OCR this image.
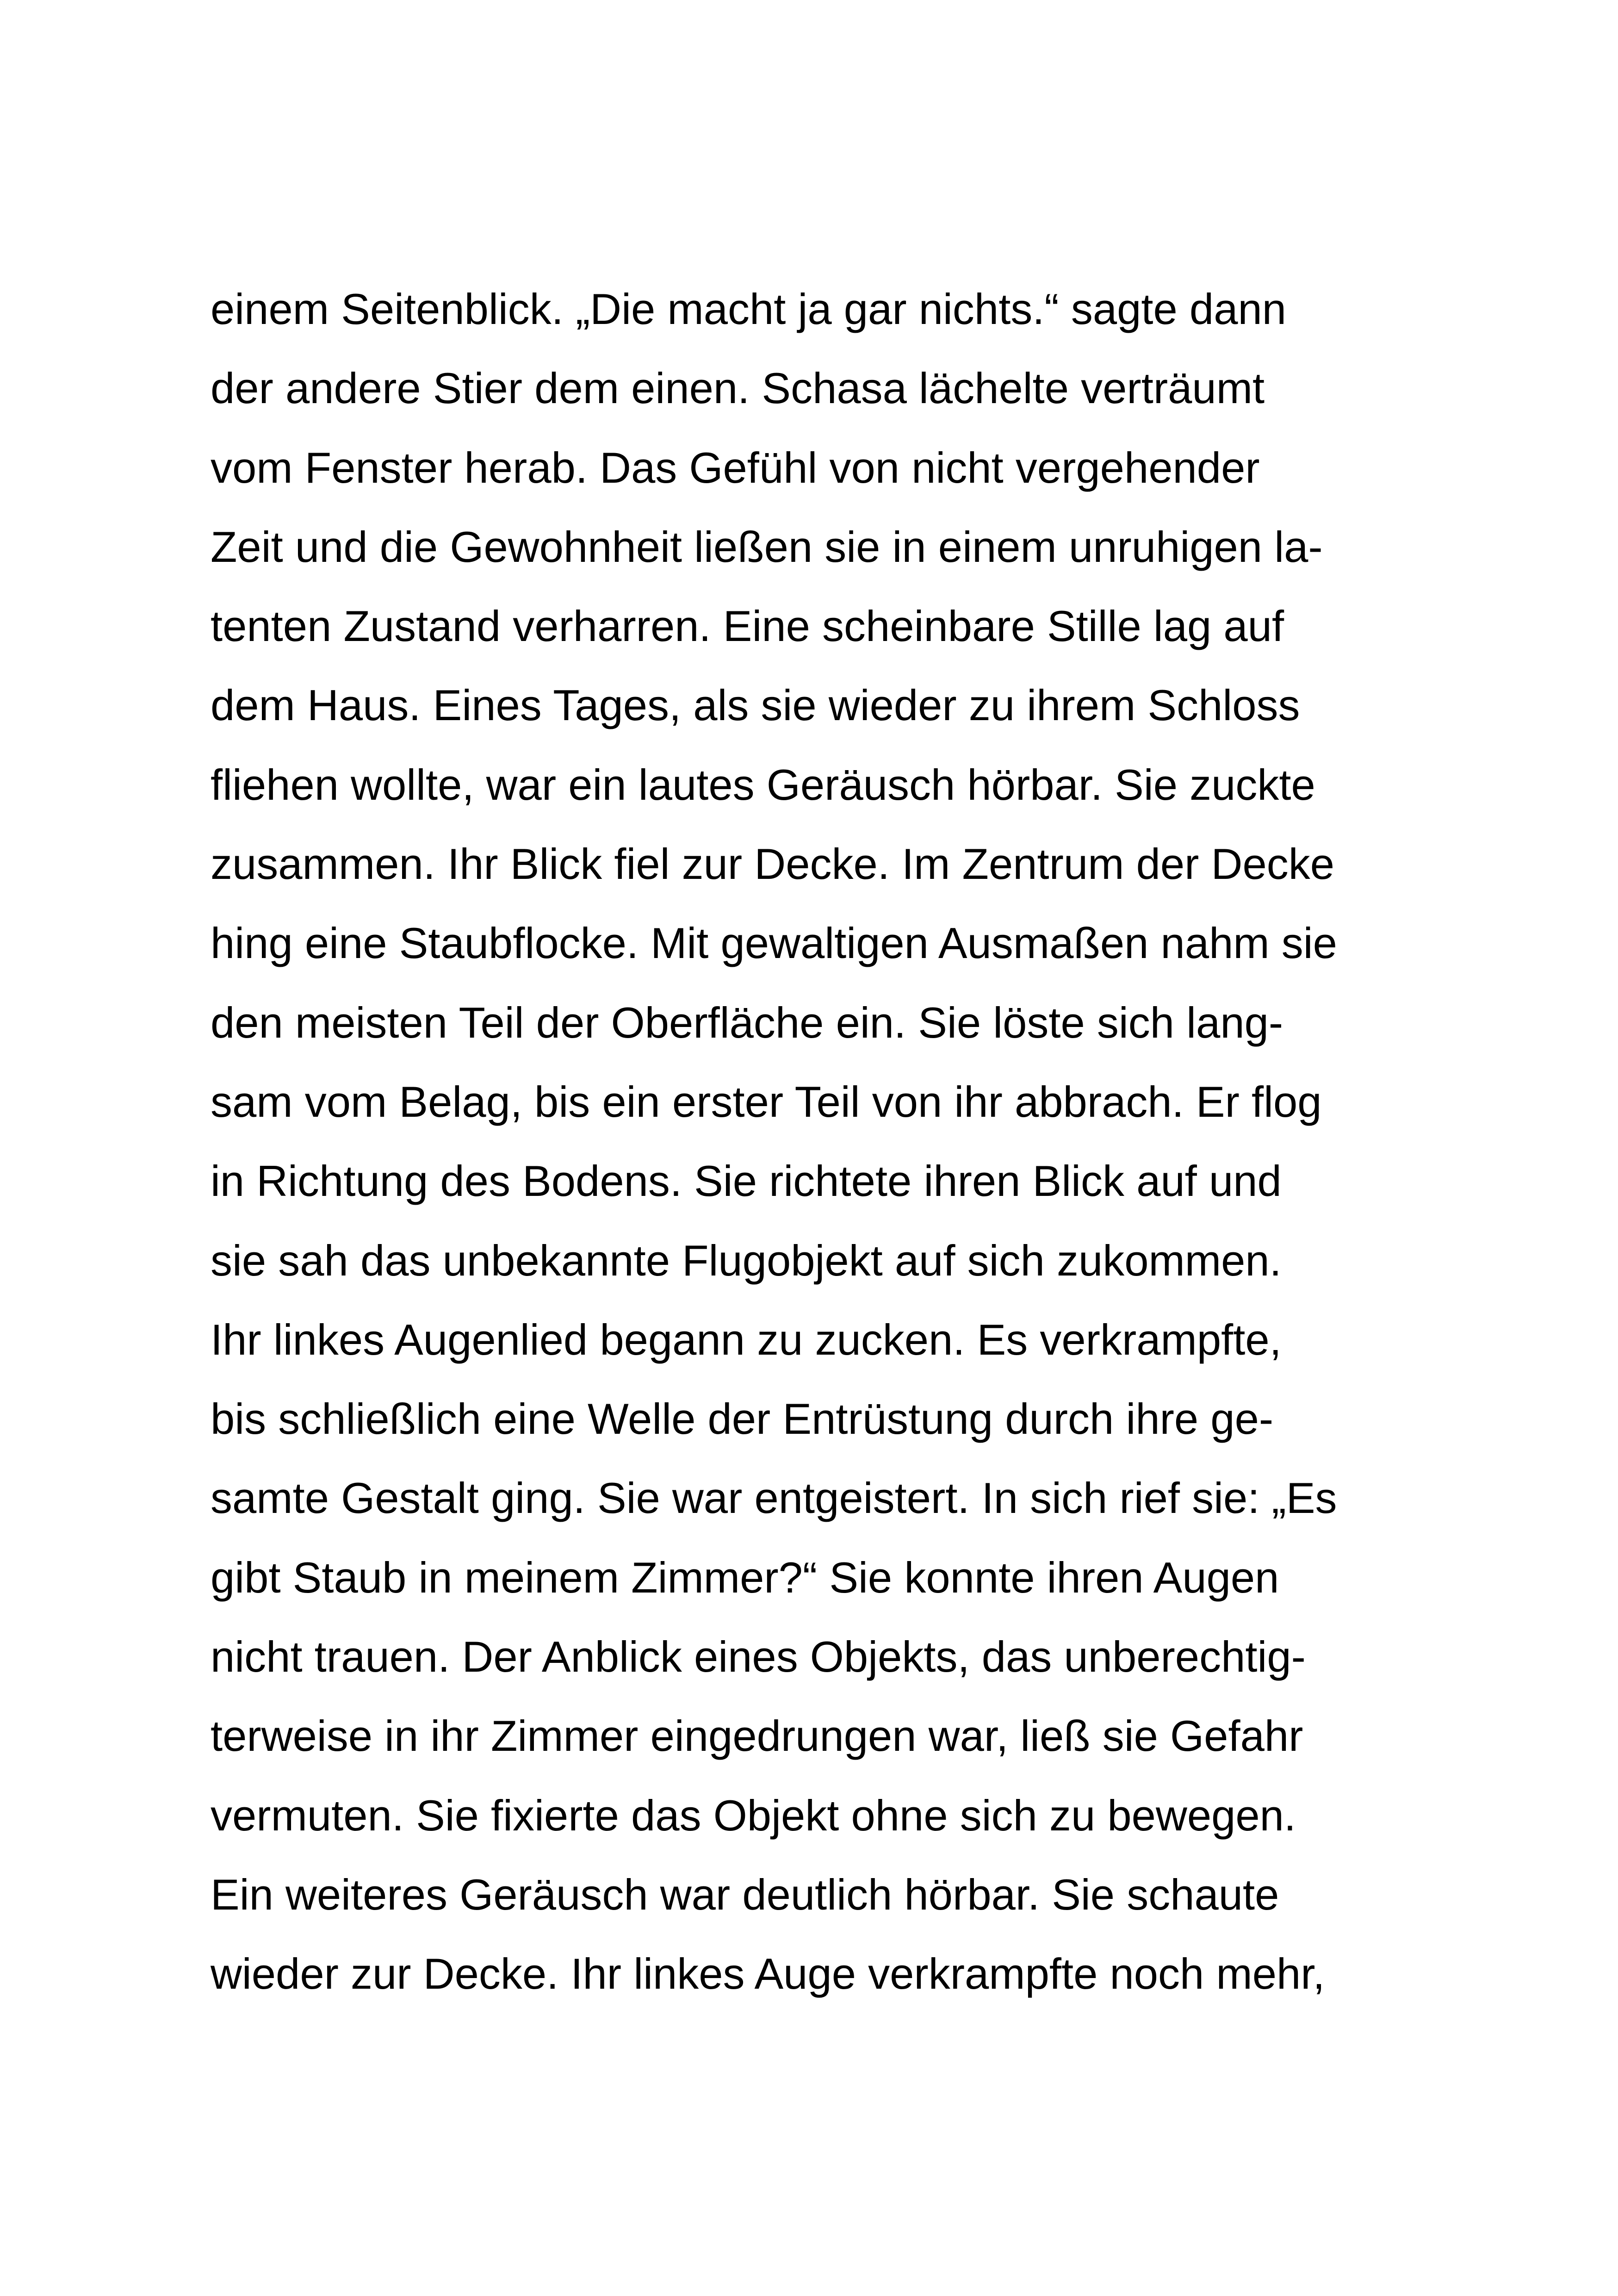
einem Seitenblick. „Die macht ja gar nichts.“ sagte dann
der andere Stier dem einen. Schasa lächelte verträumt
vom Fenster herab. Das Gefühl von nicht vergehender
Zeit und die Gewohnheit ließen sie in einem unruhigen la-
tenten Zustand verharren. Eine scheinbare Stille lag auf
dem Haus. Eines Tages, als sie wieder zu ihrem Schloss
fliehen wollte, war ein lautes Geräusch hörbar. Sie zuckte
zusammen. Ihr Blick fiel zur Decke. Im Zentrum der Decke
hing eine Staubflocke. Mit gewaltigen Ausmaßen nahm sie
den meisten Teil der Oberfläche ein. Sie löste sich lang-
sam vom Belag, bis ein erster Teil von ihr abbrach. Er flog
in Richtung des Bodens. Sie richtete ihren Blick auf und
sie sah das unbekannte Flugobjekt auf sich zukommen.
Ihr linkes Augenlied begann zu zucken. Es verkrampfte,
bis schließlich eine Welle der Entrüstung durch ihre ge-
samte Gestalt ging. Sie war entgeistert. In sich rief sie: „Es
gibt Staub in meinem Zimmer?“ Sie konnte ihren Augen
nicht trauen. Der Anblick eines Objekts, das unberechtig-
terweise in ihr Zimmer eingedrungen war, ließ sie Gefahr
vermuten. Sie fixierte das Objekt ohne sich zu bewegen.
Ein weiteres Geräusch war deutlich hörbar. Sie schaute
wieder zur Decke. Ihr linkes Auge verkrampfte noch mehr,
